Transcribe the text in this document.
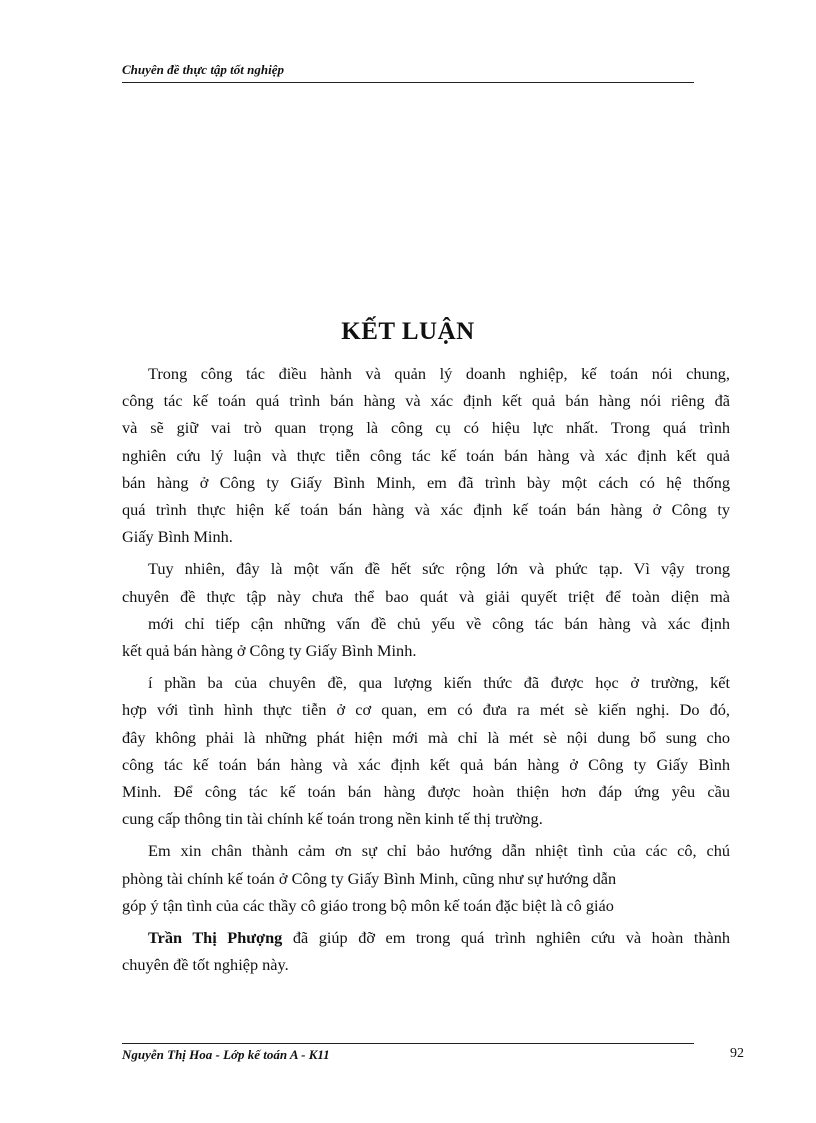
Chuyên đề thực tập tốt nghiệp
KẾT LUẬN

Trong công tác điều hành và quản lý doanh nghiệp, kế toán nói chung,
công tác kế toán quá trình bán hàng và xác định kết quả bán hàng nói riêng đã
và sẽ giữ vai trò quan trọng là công cụ có hiệu lực nhất. Trong quá trình
nghiên cứu lý luận và thực tiễn công tác kế toán bán hàng và xác định kết quả
bán hàng ở Công ty Giấy Bình Minh, em đã trình bày một cách có hệ thống
quá trình thực hiện kế toán bán hàng và xác định kế toán bán hàng ở Công ty
Giấy Bình Minh.

Tuy nhiên, đây là một vấn đề hết sức rộng lớn và phức tạp. Vì vậy trong
chuyên đề thực tập này chưa thể bao quát và giải quyết triệt để toàn diện mà
mới chỉ tiếp cận những vấn đề chủ yếu về công tác bán hàng và xác định
kết quả bán hàng ở Công ty Giấy Bình Minh.

í phần ba của chuyên đề, qua lượng kiến thức đã được học ở trường, kết
hợp với tình hình thực tiễn ở cơ quan, em có đưa ra mét sè kiến nghị. Do đó,
đây không phải là những phát hiện mới mà chỉ là mét sè nội dung bổ sung cho
công tác kế toán bán hàng và xác định kết quả bán hàng ở Công ty Giấy Bình
Minh. Để công tác kế toán bán hàng được hoàn thiện hơn đáp ứng yêu cầu
cung cấp thông tin tài chính kế toán trong nền kinh tế thị trường.

Em xin chân thành cảm ơn sự chỉ bảo hướng dẫn nhiệt tình của các cô, chú
phòng tài chính kế toán ở Công ty Giấy Bình Minh, cũng như sự hướng dẫn
góp ý tận tình của các thầy cô giáo trong bộ môn kế toán đặc biệt là cô giáo

Trần Thị Phượng đã giúp đỡ em trong quá trình nghiên cứu và hoàn thành
chuyên đề tốt nghiệp này.

Nguyễn Thị Hoa - Lớp kế toán A - K11	92
